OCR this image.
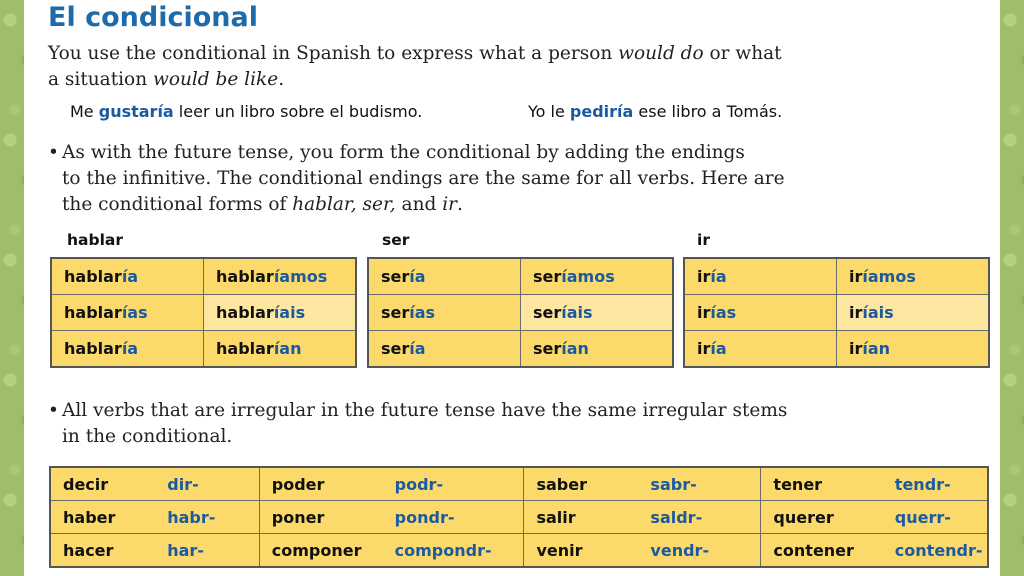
El condicional

You use the conditional in Spanish to express what a person would do or what
a situation would be like.

Me gustaría leer un libro sobre el budismo.	Yo le pediría ese libro a Tomás.

• As with the future tense, you form the conditional by adding the endings

to the infinitive. The conditional endings are the same for all verbs. Here are
the conditional forms of hablar, ser, and ir.

hablar	ser	ir
hablaría	hablaríamos
hablarías	hablaríais
hablaría	hablarían
sería	seríamos
serías	seríais
sería	serían
iría	iríamos
irías	iríais
iría	irían

• All verbs that are irregular in the future tense have the same irregular stems

in the conditional.

decir	dir-	poder	podr-	saber	sabr-	tener	tendr-
haber	habr-	poner	pondr-	salir	saldr-	querer	querr-
hacer	har-	componer	compondr-	venir	vendr-	contener	contendr-
